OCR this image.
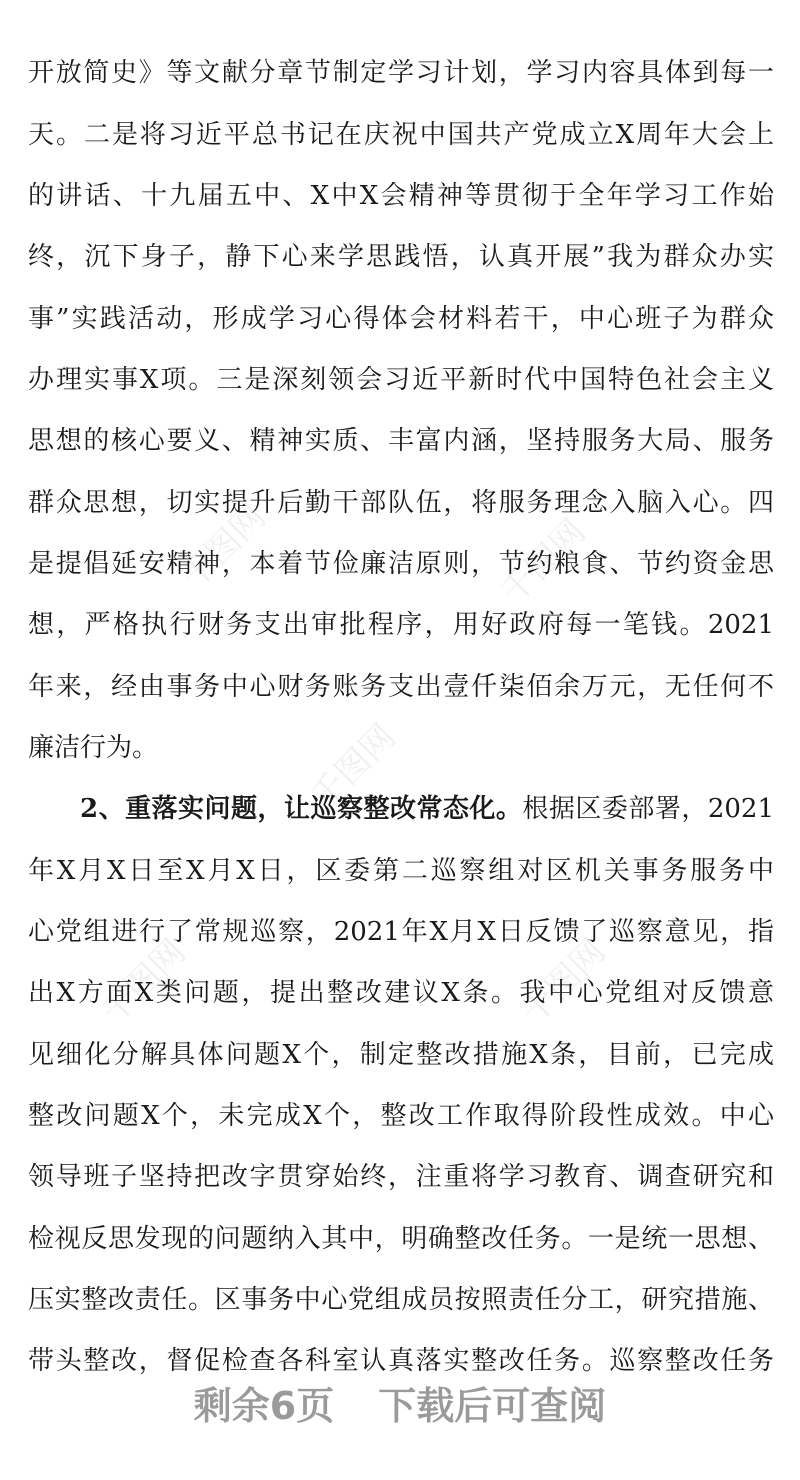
千图网	千图网
千图网
千图网	千图网
开放简史》等文献分章节制定学习计划，学习内容具体到每一
天。二是将习近平总书记在庆祝中国共产党成立X周年大会上
的讲话、十九届五中、X中X会精神等贯彻于全年学习工作始
终，沉下身子，静下心来学思践悟，认真开展”我为群众办实
事”实践活动，形成学习心得体会材料若干，中心班子为群众
办理实事X项。三是深刻领会习近平新时代中国特色社会主义
思想的核心要义、精神实质、丰富内涵，坚持服务大局、服务
群众思想，切实提升后勤干部队伍，将服务理念入脑入心。四
是提倡延安精神，本着节俭廉洁原则，节约粮食、节约资金思
想，严格执行财务支出审批程序，用好政府每一笔钱。2021
年来，经由事务中心财务账务支出壹仟柒佰余万元，无任何不
廉洁行为。
2、重落实问题，让巡察整改常态化。根据区委部署，2021
年X月X日至X月X日，区委第二巡察组对区机关事务服务中
心党组进行了常规巡察，2021年X月X日反馈了巡察意见，指
出X方面X类问题，提出整改建议X条。我中心党组对反馈意
见细化分解具体问题X个，制定整改措施X条，目前，已完成
整改问题X个，未完成X个，整改工作取得阶段性成效。中心
领导班子坚持把改字贯穿始终，注重将学习教育、调查研究和
检视反思发现的问题纳入其中，明确整改任务。一是统一思想、
压实整改责任。区事务中心党组成员按照责任分工，研究措施、
带头整改，督促检查各科室认真落实整改任务。巡察整改任务
剩余6页 下载后可查阅
